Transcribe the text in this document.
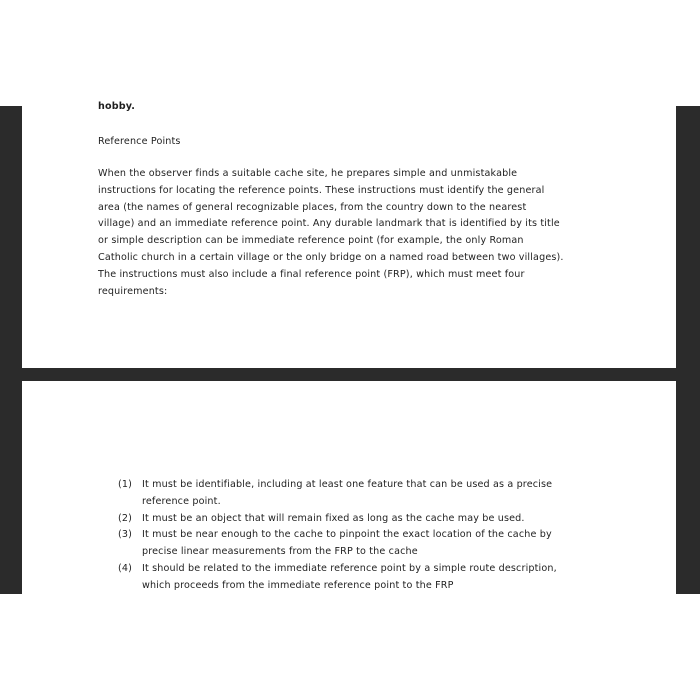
hobby.

Reference Points

When the observer finds a suitable cache site, he prepares simple and unmistakable
instructions for locating the reference points. These instructions must identify the general
area (the names of general recognizable places, from the country down to the nearest
village) and an immediate reference point. Any durable landmark that is identified by its title
or simple description can be immediate reference point (for example, the only Roman
Catholic church in a certain village or the only bridge on a named road between two villages).
The instructions must also include a final reference point (FRP), which must meet four
requirements:

(1) It must be identifiable, including at least one feature that can be used as a precise
reference point.
(2) It must be an object that will remain fixed as long as the cache may be used.
(3) It must be near enough to the cache to pinpoint the exact location of the cache by
precise linear measurements from the FRP to the cache
(4) It should be related to the immediate reference point by a simple route description,
which proceeds from the immediate reference point to the FRP
